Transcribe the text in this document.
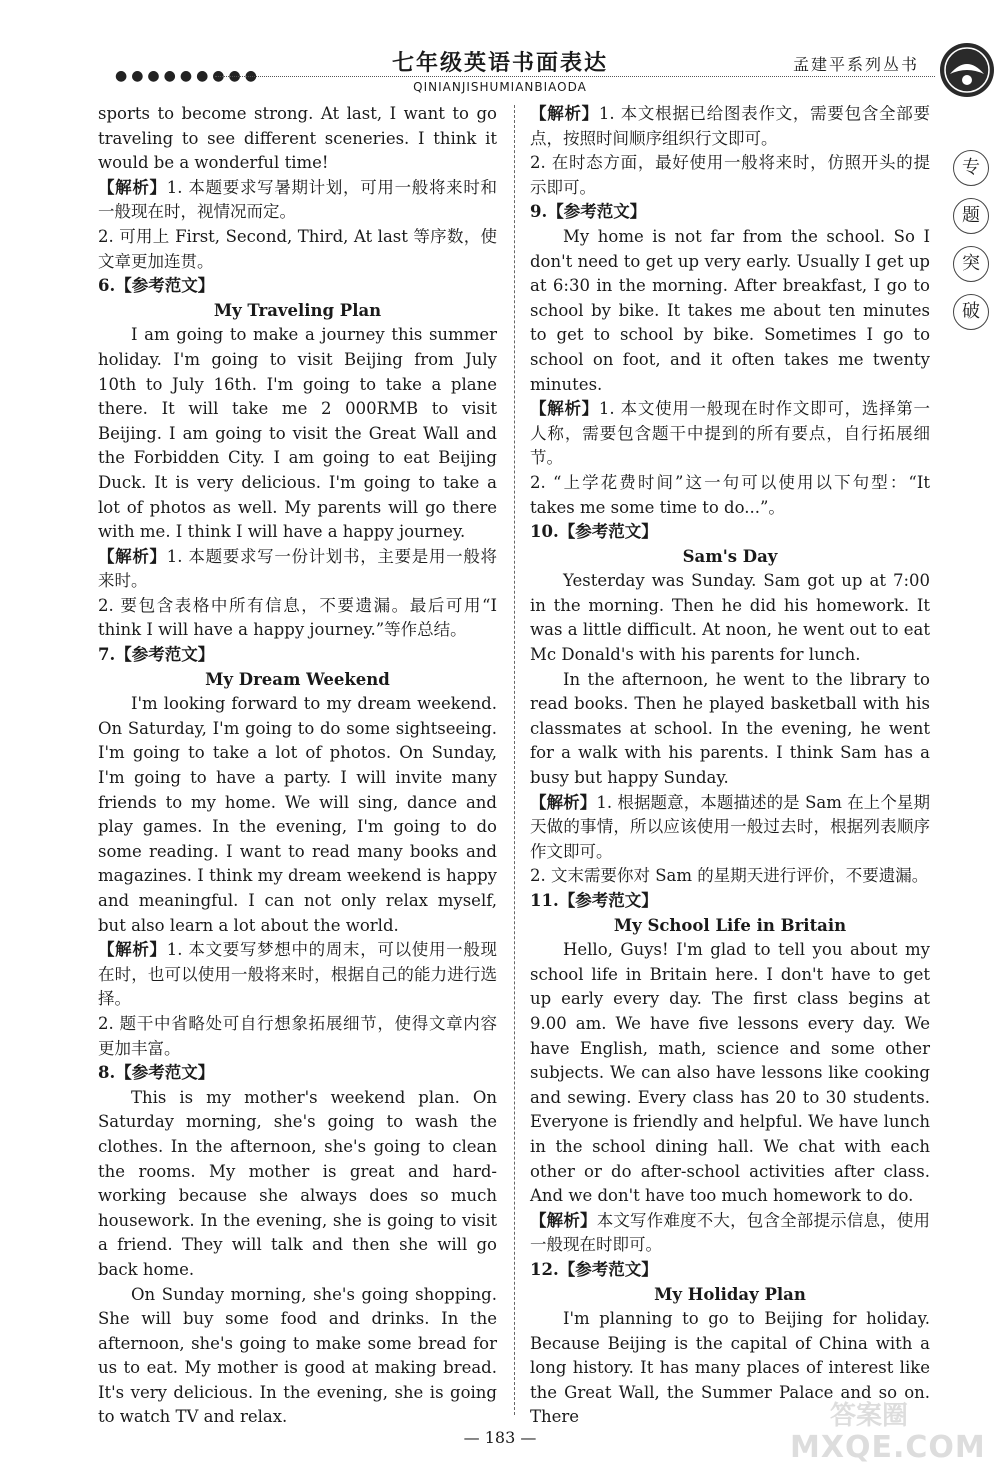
●●●●●●●●●	七年级英语书面表达
QINIANJISHUMIANBIAODA
孟建平系列丛书
专
题
突
破

sports to become strong. At last, I want to go traveling to see different sceneries. I think it would be a wonderful time!

【解析】1. 本题要求写暑期计划，可用一般将来时和一般现在时，视情况而定。

2. 可用上 First, Second, Third, At last 等序数，使文章更加连贯。

6.【参考范文】

My Traveling Plan

I am going to make a journey this summer holiday. I'm going to visit Beijing from July 10th to July 16th. I'm going to take a plane there. It will take me 2 000RMB to visit Beijing. I am going to visit the Great Wall and the Forbidden City. I am going to eat Beijing Duck. It is very delicious. I'm going to take a lot of photos as well. My parents will go there with me. I think I will have a happy journey.

【解析】1. 本题要求写一份计划书，主要是用一般将来时。

2. 要包含表格中所有信息，不要遗漏。最后可用“I think I will have a happy journey.”等作总结。

7.【参考范文】

My Dream Weekend

I'm looking forward to my dream weekend. On Saturday, I'm going to do some sightseeing. I'm going to take a lot of photos. On Sunday, I'm going to have a party. I will invite many friends to my home. We will sing, dance and play games. In the evening, I'm going to do some reading. I want to read many books and magazines. I think my dream weekend is happy and meaningful. I can not only relax myself, but also learn a lot about the world.

【解析】1. 本文要写梦想中的周末，可以使用一般现在时，也可以使用一般将来时，根据自己的能力进行选择。

2. 题干中省略处可自行想象拓展细节，使得文章内容更加丰富。

8.【参考范文】

This is my mother's weekend plan. On Saturday morning, she's going to wash the clothes. In the afternoon, she's going to clean the rooms. My mother is great and hard-working because she always does so much housework. In the evening, she is going to visit a friend. They will talk and then she will go back home.

On Sunday morning, she's going shopping. She will buy some food and drinks. In the afternoon, she's going to make some bread for us to eat. My mother is good at making bread. It's very delicious. In the evening, she is going to watch TV and relax.

【解析】1. 本文根据已给图表作文，需要包含全部要点，按照时间顺序组织行文即可。

2. 在时态方面，最好使用一般将来时，仿照开头的提示即可。

9.【参考范文】

My home is not far from the school. So I don't need to get up very early. Usually I get up at 6:30 in the morning. After breakfast, I go to school by bike. It takes me about ten minutes to get to school by bike. Sometimes I go to school on foot, and it often takes me twenty minutes.

【解析】1. 本文使用一般现在时作文即可，选择第一人称，需要包含题干中提到的所有要点，自行拓展细节。

2. “上学花费时间”这一句可以使用以下句型：“It takes me some time to do...”。

10.【参考范文】

Sam's Day

Yesterday was Sunday. Sam got up at 7:00 in the morning. Then he did his homework. It was a little difficult. At noon, he went out to eat Mc Donald's with his parents for lunch.

In the afternoon, he went to the library to read books. Then he played basketball with his classmates at school. In the evening, he went for a walk with his parents. I think Sam has a busy but happy Sunday.

【解析】1. 根据题意，本题描述的是 Sam 在上个星期天做的事情，所以应该使用一般过去时，根据列表顺序作文即可。

2. 文末需要你对 Sam 的星期天进行评价，不要遗漏。

11.【参考范文】

My School Life in Britain

Hello, Guys! I'm glad to tell you about my school life in Britain here. I don't have to get up early every day. The first class begins at 9.00 am. We have five lessons every day. We have English, math, science and some other subjects. We can also have lessons like cooking and sewing. Every class has 20 to 30 students. Everyone is friendly and helpful. We have lunch in the school dining hall. We chat with each other or do after-school activities after class. And we don't have too much homework to do.

【解析】本文写作难度不大，包含全部提示信息，使用一般现在时即可。

12.【参考范文】

My Holiday Plan

I'm planning to go to Beijing for holiday. Because Beijing is the capital of China with a long history. It has many places of interest like the Great Wall, the Summer Palace and so on. There

— 183 —
答案圈
MXQE.COM
